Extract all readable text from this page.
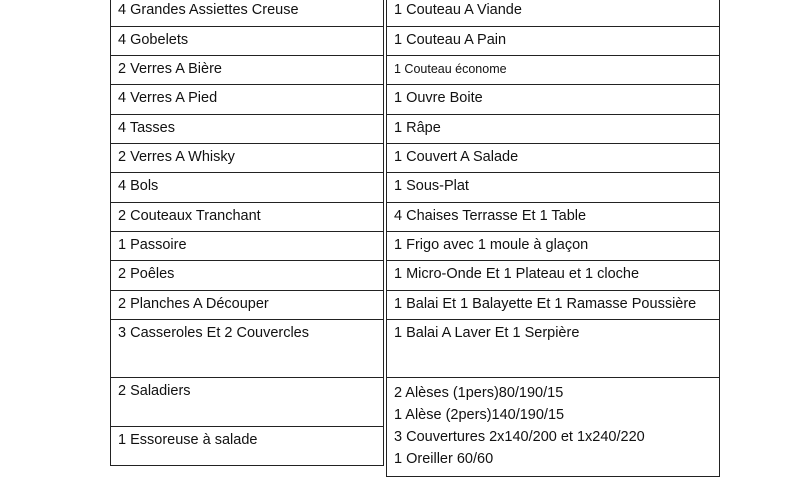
4 Grandes Assiettes Creuse
4 Gobelets
2 Verres A Bière
4 Verres A Pied
4 Tasses
2 Verres A Whisky
4 Bols
2 Couteaux Tranchant
1 Passoire
2 Poêles
2 Planches A Découper
3 Casseroles Et 2 Couvercles
2 Saladiers
1 Essoreuse à salade
1 Couteau A Viande
1 Couteau A Pain
1 Couteau économe
1 Ouvre Boite
1 Râpe
1 Couvert A Salade
1 Sous-Plat
4 Chaises Terrasse Et 1 Table
1 Frigo avec 1 moule à glaçon
1 Micro-Onde Et 1 Plateau et 1 cloche
1 Balai Et 1 Balayette Et 1 Ramasse Poussière
1 Balai A Laver Et 1 Serpière
2 Alèses (1pers)80/190/15
1 Alèse (2pers)140/190/15
3 Couvertures 2x140/200 et 1x240/220
1 Oreiller 60/60
